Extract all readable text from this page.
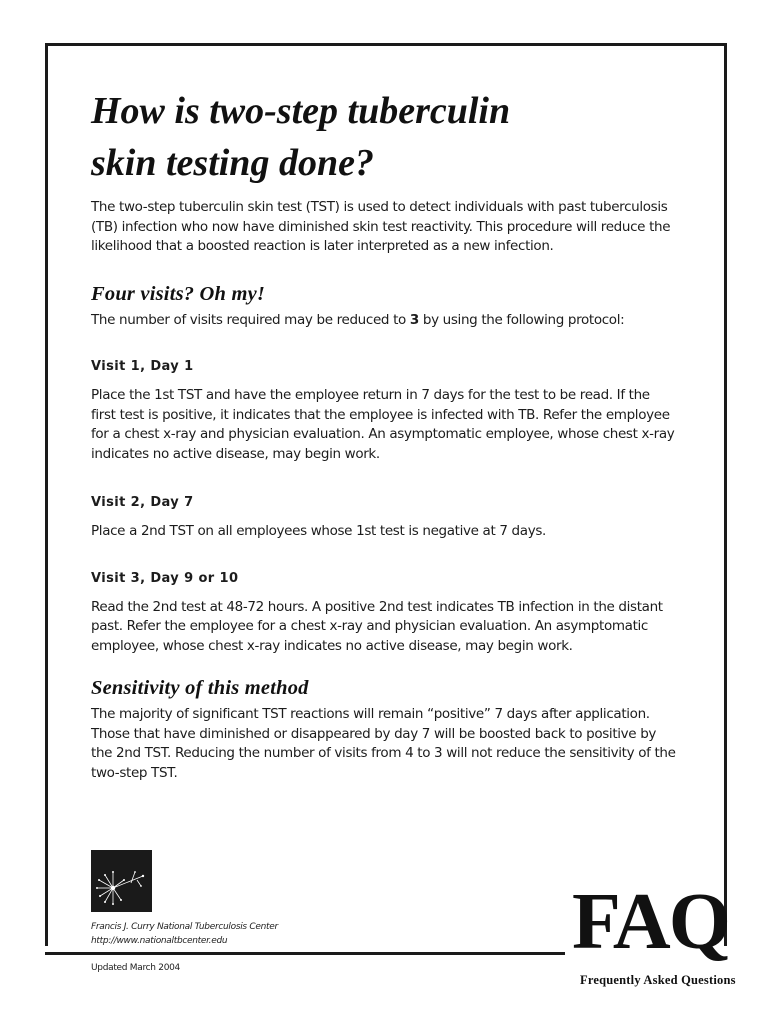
How is two-step tuberculin
skin testing done?

The two-step tuberculin skin test (TST) is used to detect individuals with past tuberculosis (TB) infection who now have diminished skin test reactivity. This procedure will reduce the likelihood that a boosted reaction is later interpreted as a new infection.

Four visits? Oh my!

The number of visits required may be reduced to 3 by using the following protocol:

Visit 1, Day 1

Place the 1st TST and have the employee return in 7 days for the test to be read. If the first test is positive, it indicates that the employee is infected with TB. Refer the employee for a chest x-ray and physician evaluation. An asymptomatic employee, whose chest x-ray indicates no active disease, may begin work.

Visit 2, Day 7

Place a 2nd TST on all employees whose 1st test is negative at 7 days.

Visit 3, Day 9 or 10

Read the 2nd test at 48-72 hours. A positive 2nd test indicates TB infection in the distant past. Refer the employee for a chest x-ray and physician evaluation. An asymptomatic employee, whose chest x-ray indicates no active disease, may begin work.

Sensitivity of this method

The majority of significant TST reactions will remain “positive” 7 days after application. Those that have diminished or disappeared by day 7 will be boosted back to positive by the 2nd TST. Reducing the number of visits from 4 to 3 will not reduce the sensitivity of the two-step TST.

Francis J. Curry National Tuberculosis Center
http://www.nationaltbcenter.edu
Updated March 2004
FAQ
Frequently Asked Questions
